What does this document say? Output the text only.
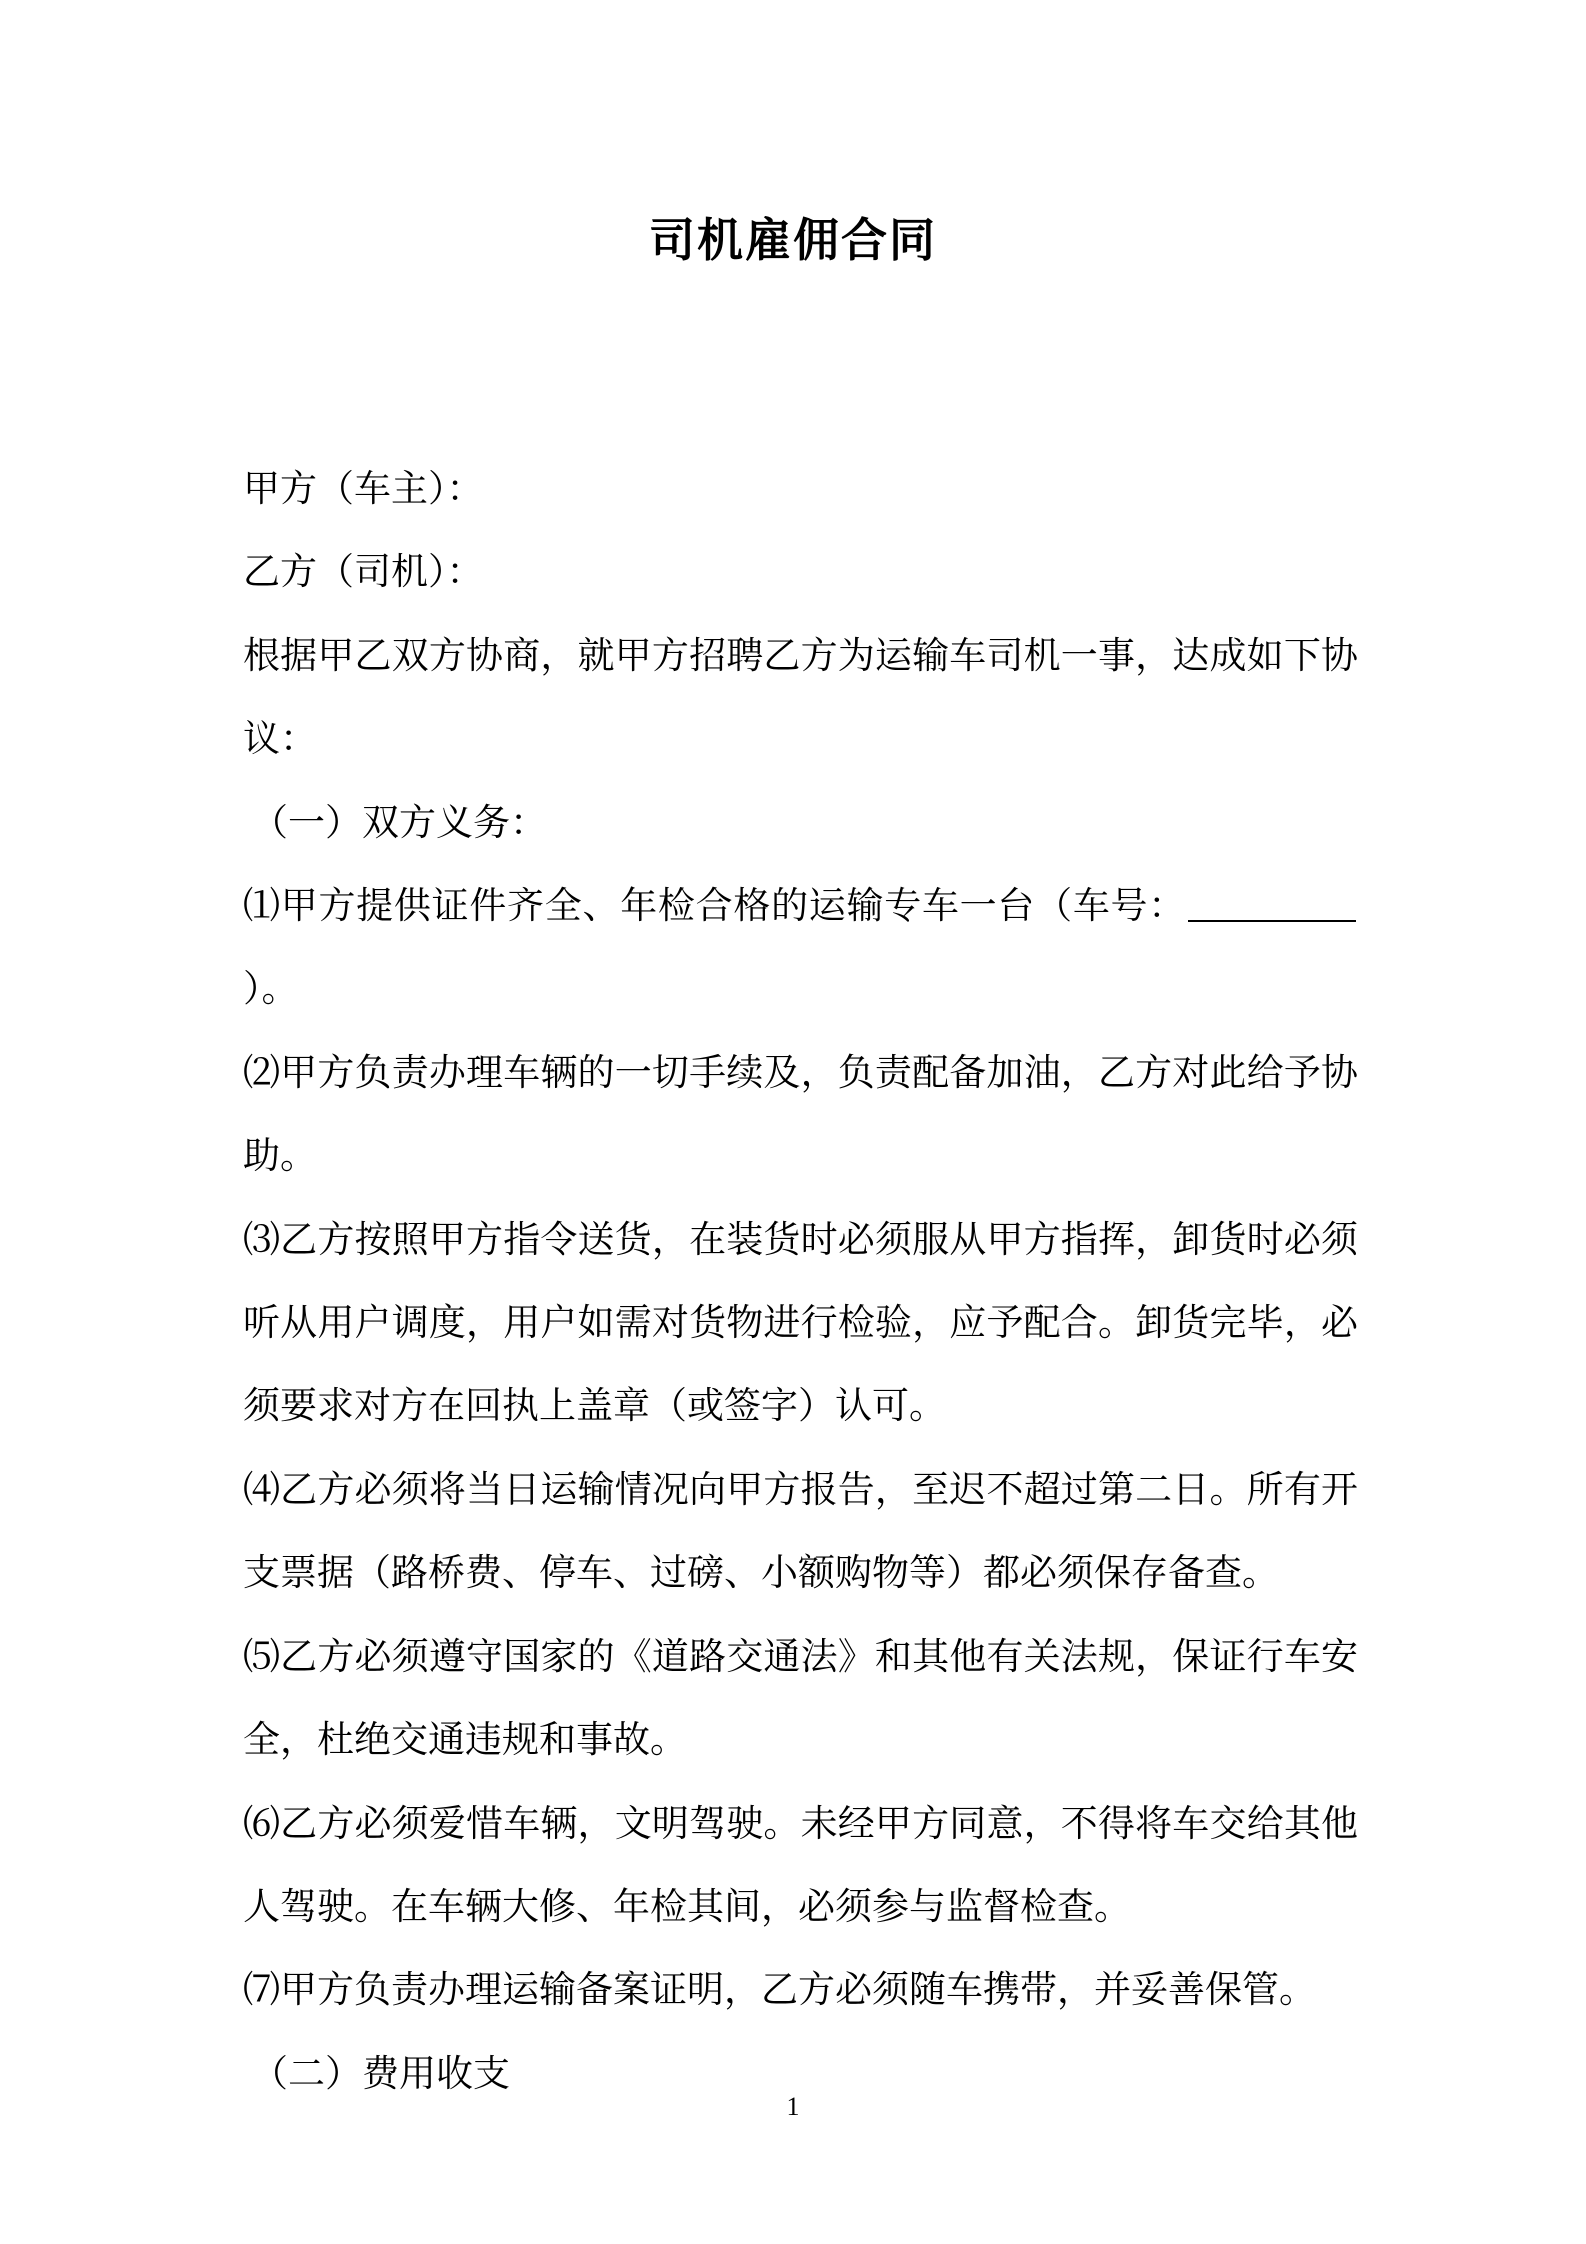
司机雇佣合同

甲方（车主）：

乙方（司机）：

根据甲乙双方协商，就甲方招聘乙方为运输车司机一事，达成如下协议：

（一）双方义务：

⑴甲方提供证件齐全、年检合格的运输专车一台（车号：）。

⑵甲方负责办理车辆的一切手续及，负责配备加油，乙方对此给予协助。

⑶乙方按照甲方指令送货，在装货时必须服从甲方指挥，卸货时必须听从用户调度，用户如需对货物进行检验，应予配合。卸货完毕，必须要求对方在回执上盖章（或签字）认可。

⑷乙方必须将当日运输情况向甲方报告，至迟不超过第二日。所有开支票据（路桥费、停车、过磅、小额购物等）都必须保存备查。

⑸乙方必须遵守国家的《道路交通法》和其他有关法规，保证行车安全，杜绝交通违规和事故。

⑹乙方必须爱惜车辆，文明驾驶。未经甲方同意，不得将车交给其他人驾驶。在车辆大修、年检其间，必须参与监督检查。

⑺甲方负责办理运输备案证明，乙方必须随车携带，并妥善保管。

（二）费用收支

1
